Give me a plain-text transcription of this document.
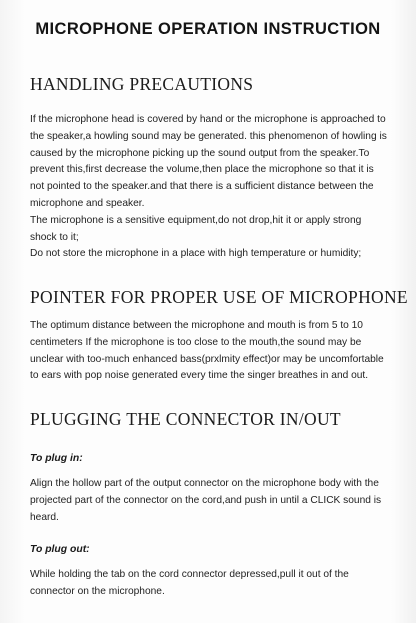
MICROPHONE OPERATION INSTRUCTION
HANDLING PRECAUTIONS
If the microphone head is covered by hand or the microphone is approached to the speaker,a howling sound may be generated. this phenomenon of howling is caused by the microphone picking up the sound output from the speaker.To prevent this,first decrease the volume,then place the microphone so that it is not pointed to the speaker.and that there is a sufficient distance between the microphone and speaker.
The microphone is a sensitive equipment,do not drop,hit it or apply strong shock to it;
Do not store the microphone in a place with high temperature or humidity;
POINTER FOR PROPER USE OF MICROPHONE
The optimum distance between the microphone and mouth is from 5 to 10 centimeters If the microphone is too close to the mouth,the sound may be unclear with too-much enhanced bass(prxlmity effect)or may be uncomfortable to ears with pop noise generated every time the singer breathes in and out.
PLUGGING THE CONNECTOR IN/OUT
To plug in:
Align the hollow part of the output connector on the microphone body with the projected part of the connector on the cord,and push in until a CLICK sound is heard.
To plug out:
While holding the tab on the cord connector depressed,pull it out of the connector on the microphone.
